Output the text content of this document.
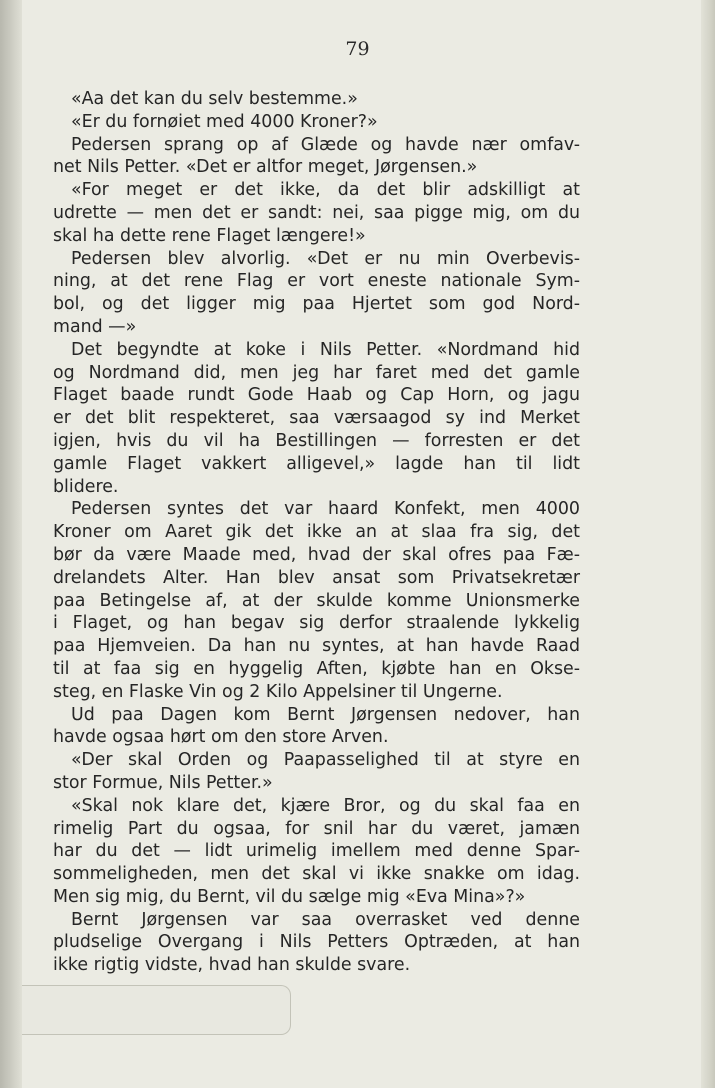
79
«Aa det kan du selv bestemme.»
«Er du fornøiet med 4000 Kroner?»
Pedersen sprang op af Glæde og havde nær omfav-
net Nils Petter. «Det er altfor meget, Jørgensen.»
«For meget er det ikke, da det blir adskilligt at
udrette — men det er sandt: nei, saa pigge mig, om du
skal ha dette rene Flaget længere!»
Pedersen blev alvorlig. «Det er nu min Overbevis-
ning, at det rene Flag er vort eneste nationale Sym-
bol, og det ligger mig paa Hjertet som god Nord-
mand —»
Det begyndte at koke i Nils Petter. «Nordmand hid
og Nordmand did, men jeg har faret med det gamle
Flaget baade rundt Gode Haab og Cap Horn, og jagu
er det blit respekteret, saa værsaagod sy ind Merket
igjen, hvis du vil ha Bestillingen — forresten er det
gamle Flaget vakkert alligevel,» lagde han til lidt
blidere.
Pedersen syntes det var haard Konfekt, men 4000
Kroner om Aaret gik det ikke an at slaa fra sig, det
bør da være Maade med, hvad der skal ofres paa Fæ-
drelandets Alter. Han blev ansat som Privatsekretær
paa Betingelse af, at der skulde komme Unionsmerke
i Flaget, og han begav sig derfor straalende lykkelig
paa Hjemveien. Da han nu syntes, at han havde Raad
til at faa sig en hyggelig Aften, kjøbte han en Okse-
steg, en Flaske Vin og 2 Kilo Appelsiner til Ungerne.
Ud paa Dagen kom Bernt Jørgensen nedover, han
havde ogsaa hørt om den store Arven.
«Der skal Orden og Paapasselighed til at styre en
stor Formue, Nils Petter.»
«Skal nok klare det, kjære Bror, og du skal faa en
rimelig Part du ogsaa, for snil har du været, jamæn
har du det — lidt urimelig imellem med denne Spar-
sommeligheden, men det skal vi ikke snakke om idag.
Men sig mig, du Bernt, vil du sælge mig «Eva Mina»?»
Bernt Jørgensen var saa overrasket ved denne
pludselige Overgang i Nils Petters Optræden, at han
ikke rigtig vidste, hvad han skulde svare.
